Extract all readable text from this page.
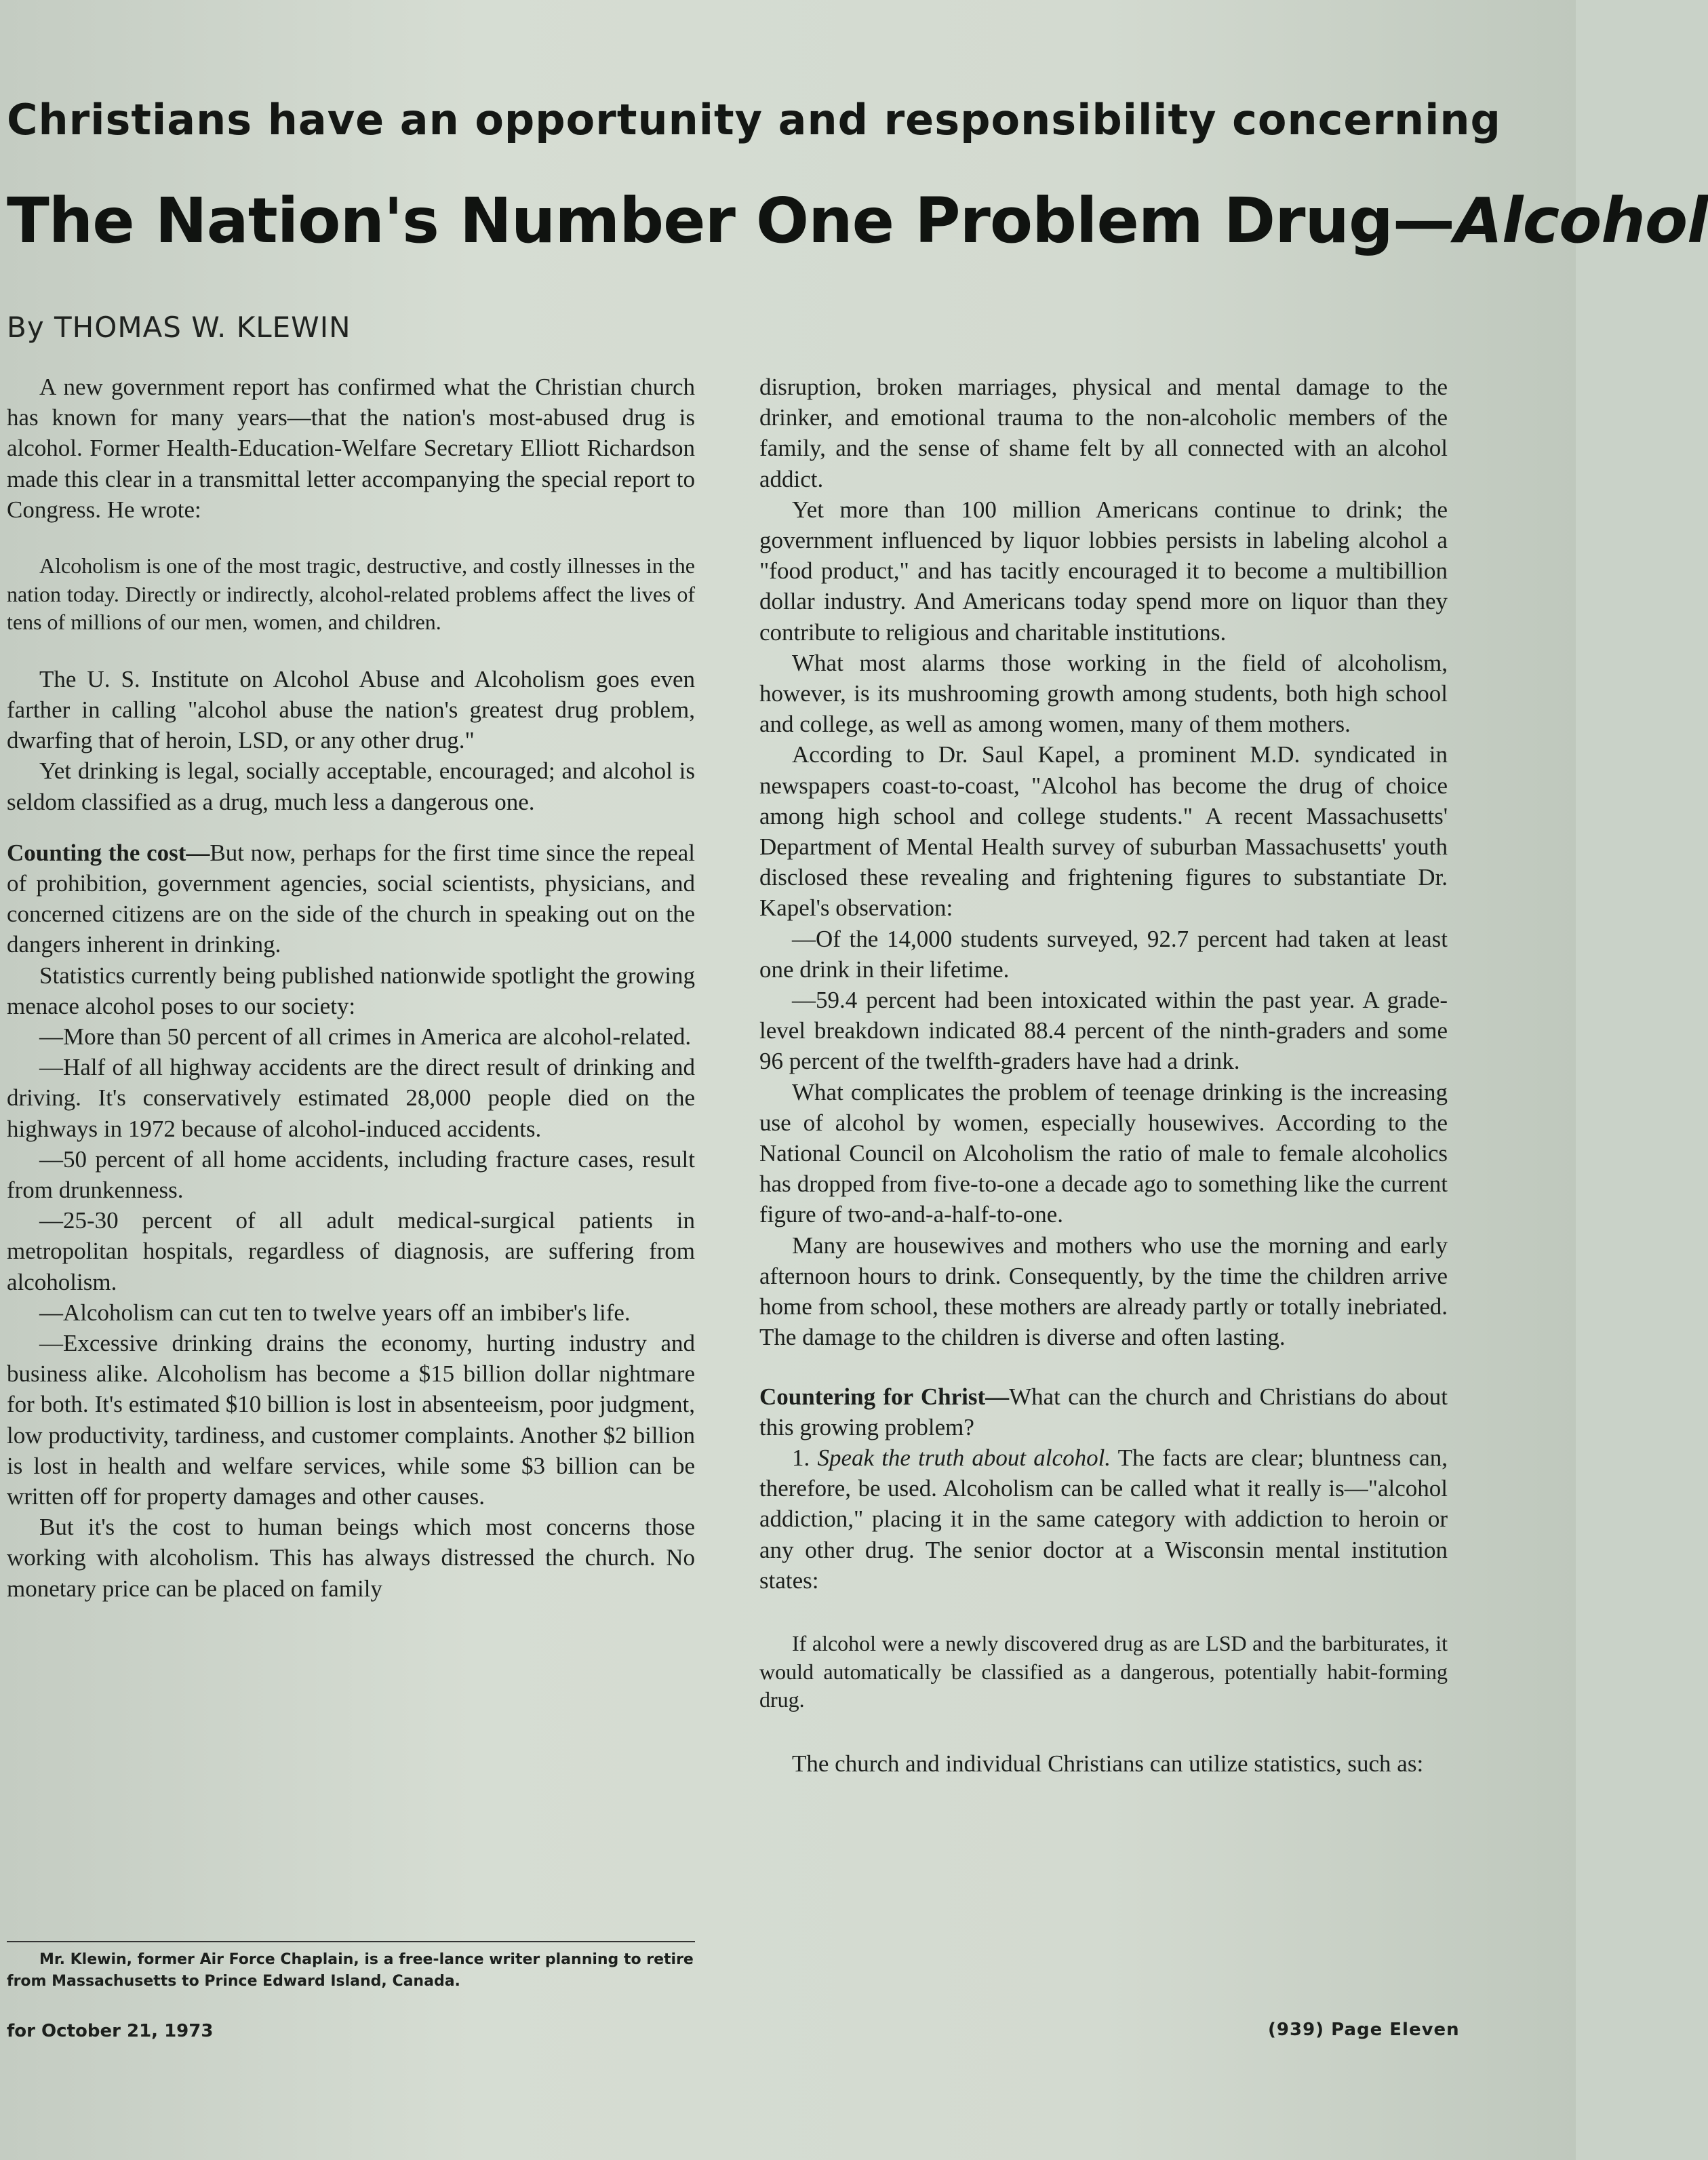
Christians have an opportunity and responsibility concerning
The Nation's Number One Problem Drug—Alcohol
By THOMAS W. KLEWIN

A new government report has confirmed what the Christian church has known for many years—that the nation's most-abused drug is alcohol. Former Health-Education-Welfare Secretary Elliott Richardson made this clear in a transmittal letter accompanying the special report to Congress. He wrote:

Alcoholism is one of the most tragic, destructive, and costly illnesses in the nation today. Directly or indirectly, alcohol-related problems affect the lives of tens of millions of our men, women, and children.

The U. S. Institute on Alcohol Abuse and Alcoholism goes even farther in calling "alcohol abuse the nation's greatest drug problem, dwarfing that of heroin, LSD, or any other drug."

Yet drinking is legal, socially acceptable, encouraged; and alcohol is seldom classified as a drug, much less a dangerous one.

Counting the cost—But now, perhaps for the first time since the repeal of prohibition, government agencies, social scientists, physicians, and concerned citizens are on the side of the church in speaking out on the dangers inherent in drinking.

Statistics currently being published nationwide spotlight the growing menace alcohol poses to our society:

—More than 50 percent of all crimes in America are alcohol-related.

—Half of all highway accidents are the direct result of drinking and driving. It's conservatively estimated 28,000 people died on the highways in 1972 because of alcohol-induced accidents.

—50 percent of all home accidents, including fracture cases, result from drunkenness.

—25-30 percent of all adult medical-surgical patients in metropolitan hospitals, regardless of diagnosis, are suffering from alcoholism.

—Alcoholism can cut ten to twelve years off an imbiber's life.

—Excessive drinking drains the economy, hurting industry and business alike. Alcoholism has become a $15 billion dollar nightmare for both. It's estimated $10 billion is lost in absenteeism, poor judgment, low productivity, tardiness, and customer complaints. Another $2 billion is lost in health and welfare services, while some $3 billion can be written off for property damages and other causes.

But it's the cost to human beings which most concerns those working with alcoholism. This has always distressed the church. No monetary price can be placed on family

disruption, broken marriages, physical and mental damage to the drinker, and emotional trauma to the non-alcoholic members of the family, and the sense of shame felt by all connected with an alcohol addict.

Yet more than 100 million Americans continue to drink; the government influenced by liquor lobbies persists in labeling alcohol a "food product," and has tacitly encouraged it to become a multibillion dollar industry. And Americans today spend more on liquor than they contribute to religious and charitable institutions.

What most alarms those working in the field of alcoholism, however, is its mushrooming growth among students, both high school and college, as well as among women, many of them mothers.

According to Dr. Saul Kapel, a prominent M.D. syndicated in newspapers coast-to-coast, "Alcohol has become the drug of choice among high school and college students." A recent Massachusetts' Department of Mental Health survey of suburban Massachusetts' youth disclosed these revealing and frightening figures to substantiate Dr. Kapel's observation:

—Of the 14,000 students surveyed, 92.7 percent had taken at least one drink in their lifetime.

—59.4 percent had been intoxicated within the past year. A grade-level breakdown indicated 88.4 percent of the ninth-graders and some 96 percent of the twelfth-graders have had a drink.

What complicates the problem of teenage drinking is the increasing use of alcohol by women, especially housewives. According to the National Council on Alcoholism the ratio of male to female alcoholics has dropped from five-to-one a decade ago to something like the current figure of two-and-a-half-to-one.

Many are housewives and mothers who use the morning and early afternoon hours to drink. Consequently, by the time the children arrive home from school, these mothers are already partly or totally inebriated. The damage to the children is diverse and often lasting.

Countering for Christ—What can the church and Christians do about this growing problem?

1. Speak the truth about alcohol. The facts are clear; bluntness can, therefore, be used. Alcoholism can be called what it really is—"alcohol addiction," placing it in the same category with addiction to heroin or any other drug. The senior doctor at a Wisconsin mental institution states:

If alcohol were a newly discovered drug as are LSD and the barbiturates, it would automatically be classified as a dangerous, potentially habit-forming drug.

The church and individual Christians can utilize statistics, such as:

Mr. Klewin, former Air Force Chaplain, is a free-lance writer planning to retire from Massachusetts to Prince Edward Island, Canada.
for October 21, 1973	(939) Page Eleven
